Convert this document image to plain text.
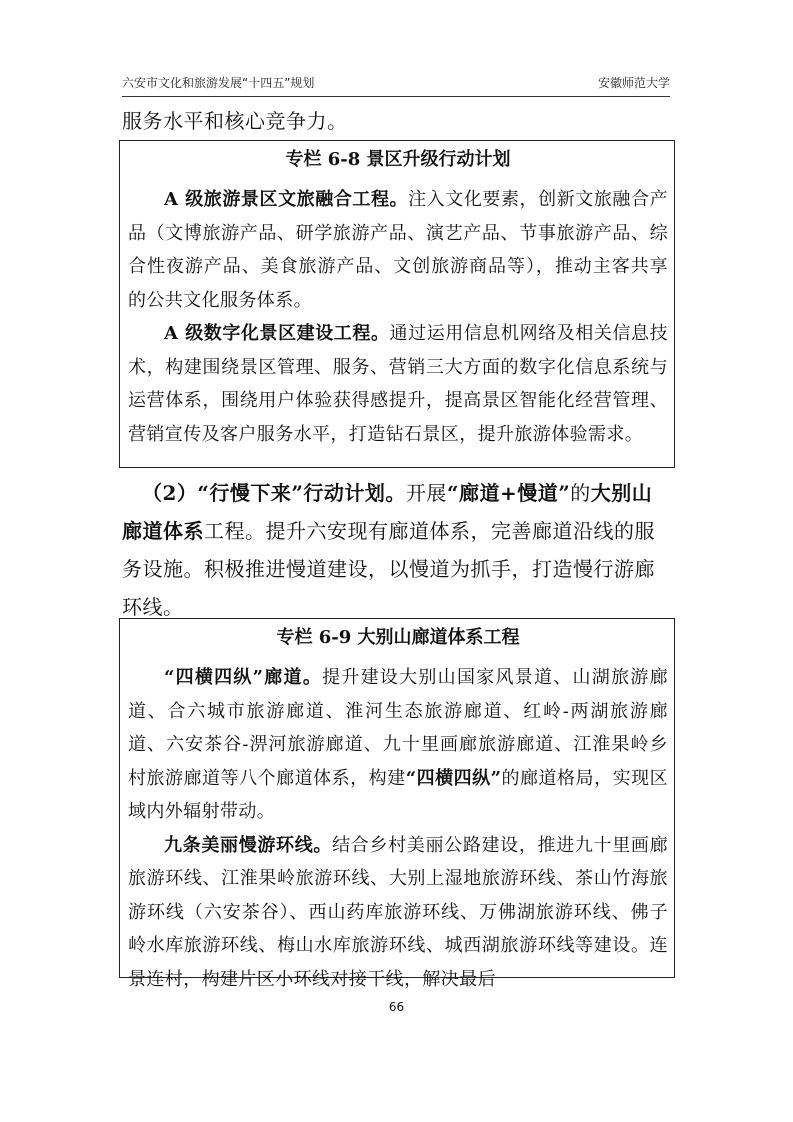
六安市文化和旅游发展“十四五”规划	安徽师范大学
服务水平和核心竞争力。
专栏 6-8 景区升级行动计划
A 级旅游景区文旅融合工程。注入文化要素，创新文旅融合产品（文博旅游产品、研学旅游产品、演艺产品、节事旅游产品、综合性夜游产品、美食旅游产品、文创旅游商品等），推动主客共享的公共文化服务体系。
A 级数字化景区建设工程。通过运用信息机网络及相关信息技术，构建围绕景区管理、服务、营销三大方面的数字化信息系统与运营体系，围绕用户体验获得感提升，提高景区智能化经营管理、营销宣传及客户服务水平，打造钻石景区，提升旅游体验需求。
（2）“行慢下来”行动计划。开展“廊道+慢道”的大别山廊道体系工程。提升六安现有廊道体系，完善廊道沿线的服务设施。积极推进慢道建设，以慢道为抓手，打造慢行游廊环线。
专栏 6-9 大别山廊道体系工程
“四横四纵”廊道。提升建设大别山国家风景道、山湖旅游廊道、合六城市旅游廊道、淮河生态旅游廊道、红岭-两湖旅游廊道、六安茶谷-淠河旅游廊道、九十里画廊旅游廊道、江淮果岭乡村旅游廊道等八个廊道体系，构建“四横四纵”的廊道格局，实现区域内外辐射带动。
九条美丽慢游环线。结合乡村美丽公路建设，推进九十里画廊旅游环线、江淮果岭旅游环线、大别上湿地旅游环线、茶山竹海旅游环线（六安茶谷）、西山药库旅游环线、万佛湖旅游环线、佛子岭水库旅游环线、梅山水库旅游环线、城西湖旅游环线等建设。连景连村，构建片区小环线对接干线，解决最后
66
